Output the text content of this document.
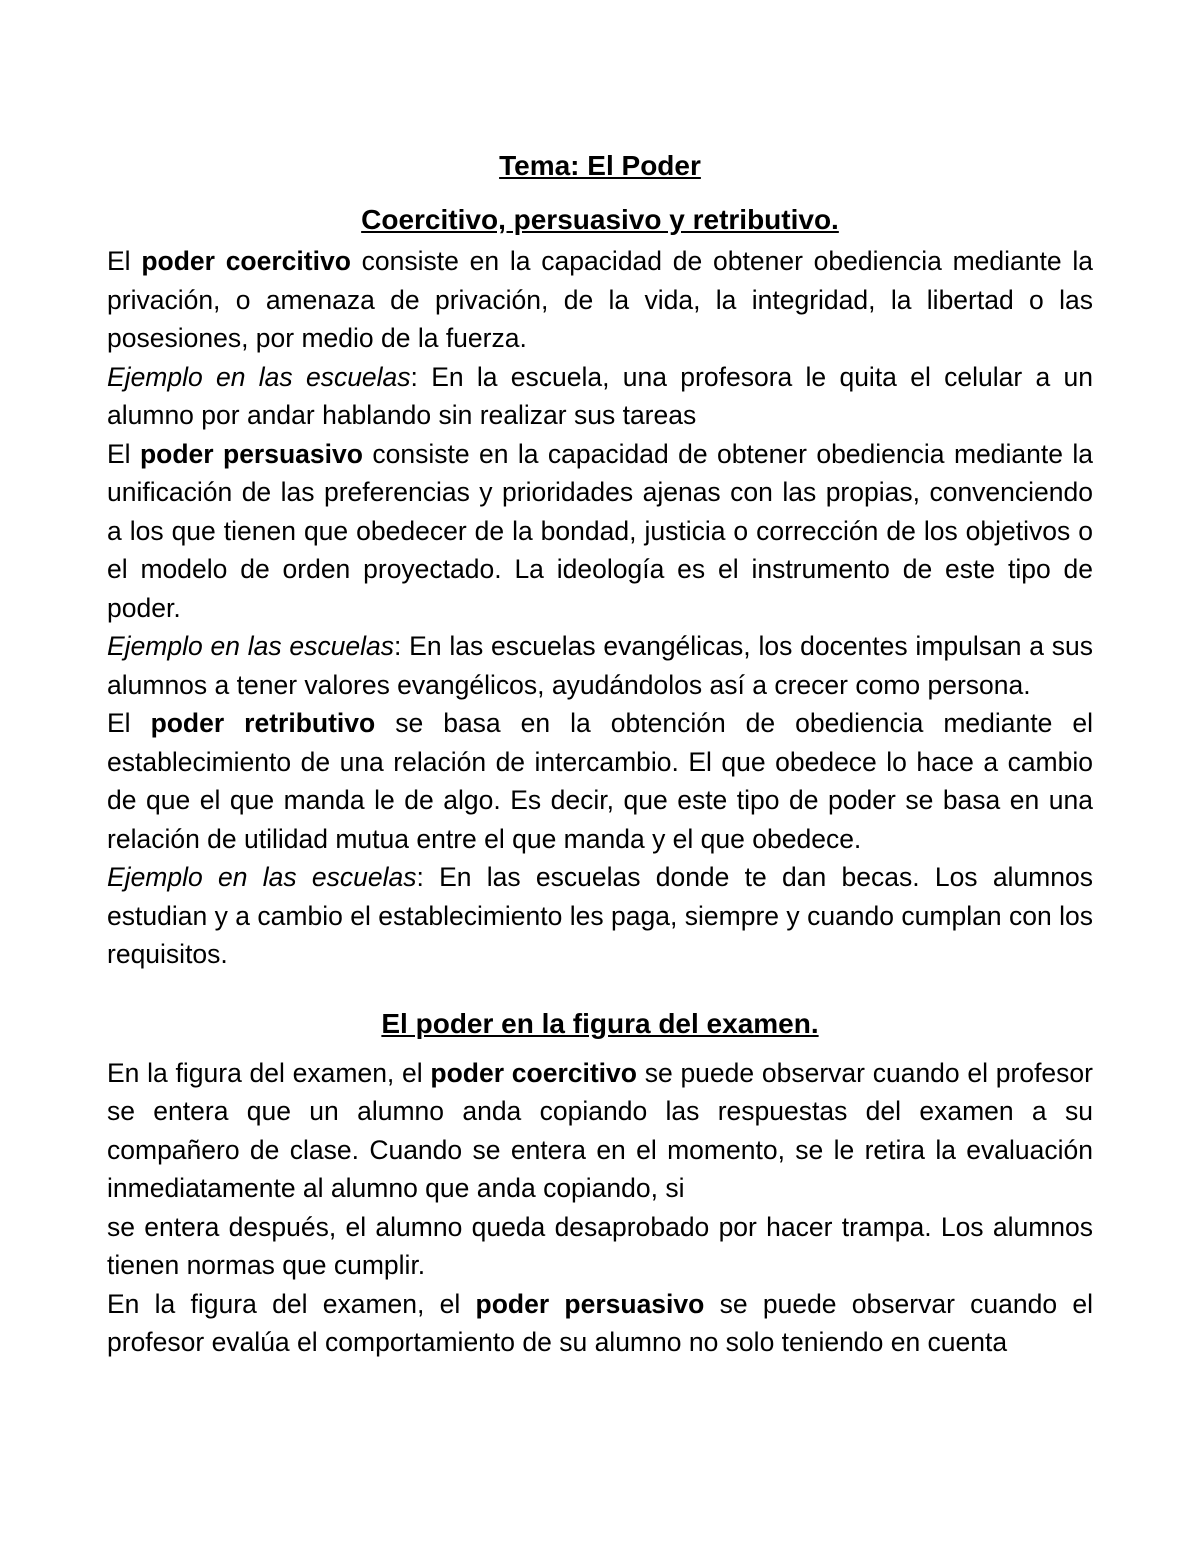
Tema: El Poder
Coercitivo, persuasivo y retributivo.

El poder coercitivo consiste en la capacidad de obtener obediencia mediante la privación, o amenaza de privación, de la vida, la integridad, la libertad o las posesiones, por medio de la fuerza.

Ejemplo en las escuelas: En la escuela, una profesora le quita el celular a un alumno por andar hablando sin realizar sus tareas

El poder persuasivo consiste en la capacidad de obtener obediencia mediante la unificación de las preferencias y prioridades ajenas con las propias, convenciendo a los que tienen que obedecer de la bondad, justicia o corrección de los objetivos o el modelo de orden proyectado. La ideología es el instrumento de este tipo de poder.

Ejemplo en las escuelas: En las escuelas evangélicas, los docentes impulsan a sus alumnos a tener valores evangélicos, ayudándolos así a crecer como persona.

El poder retributivo se basa en la obtención de obediencia mediante el establecimiento de una relación de intercambio. El que obedece lo hace a cambio de que el que manda le de algo. Es decir, que este tipo de poder se basa en una relación de utilidad mutua entre el que manda y el que obedece.

Ejemplo en las escuelas: En las escuelas donde te dan becas. Los alumnos estudian y a cambio el establecimiento les paga, siempre y cuando cumplan con los requisitos.

El poder en la figura del examen.

En la figura del examen, el poder coercitivo se puede observar cuando el profesor se entera que un alumno anda copiando las respuestas del examen a su compañero de clase. Cuando se entera en el momento, se le retira la evaluación inmediatamente al alumno que anda copiando, si

se entera después, el alumno queda desaprobado por hacer trampa. Los alumnos tienen normas que cumplir.

En la figura del examen, el poder persuasivo se puede observar cuando el profesor evalúa el comportamiento de su alumno no solo teniendo en cuenta
